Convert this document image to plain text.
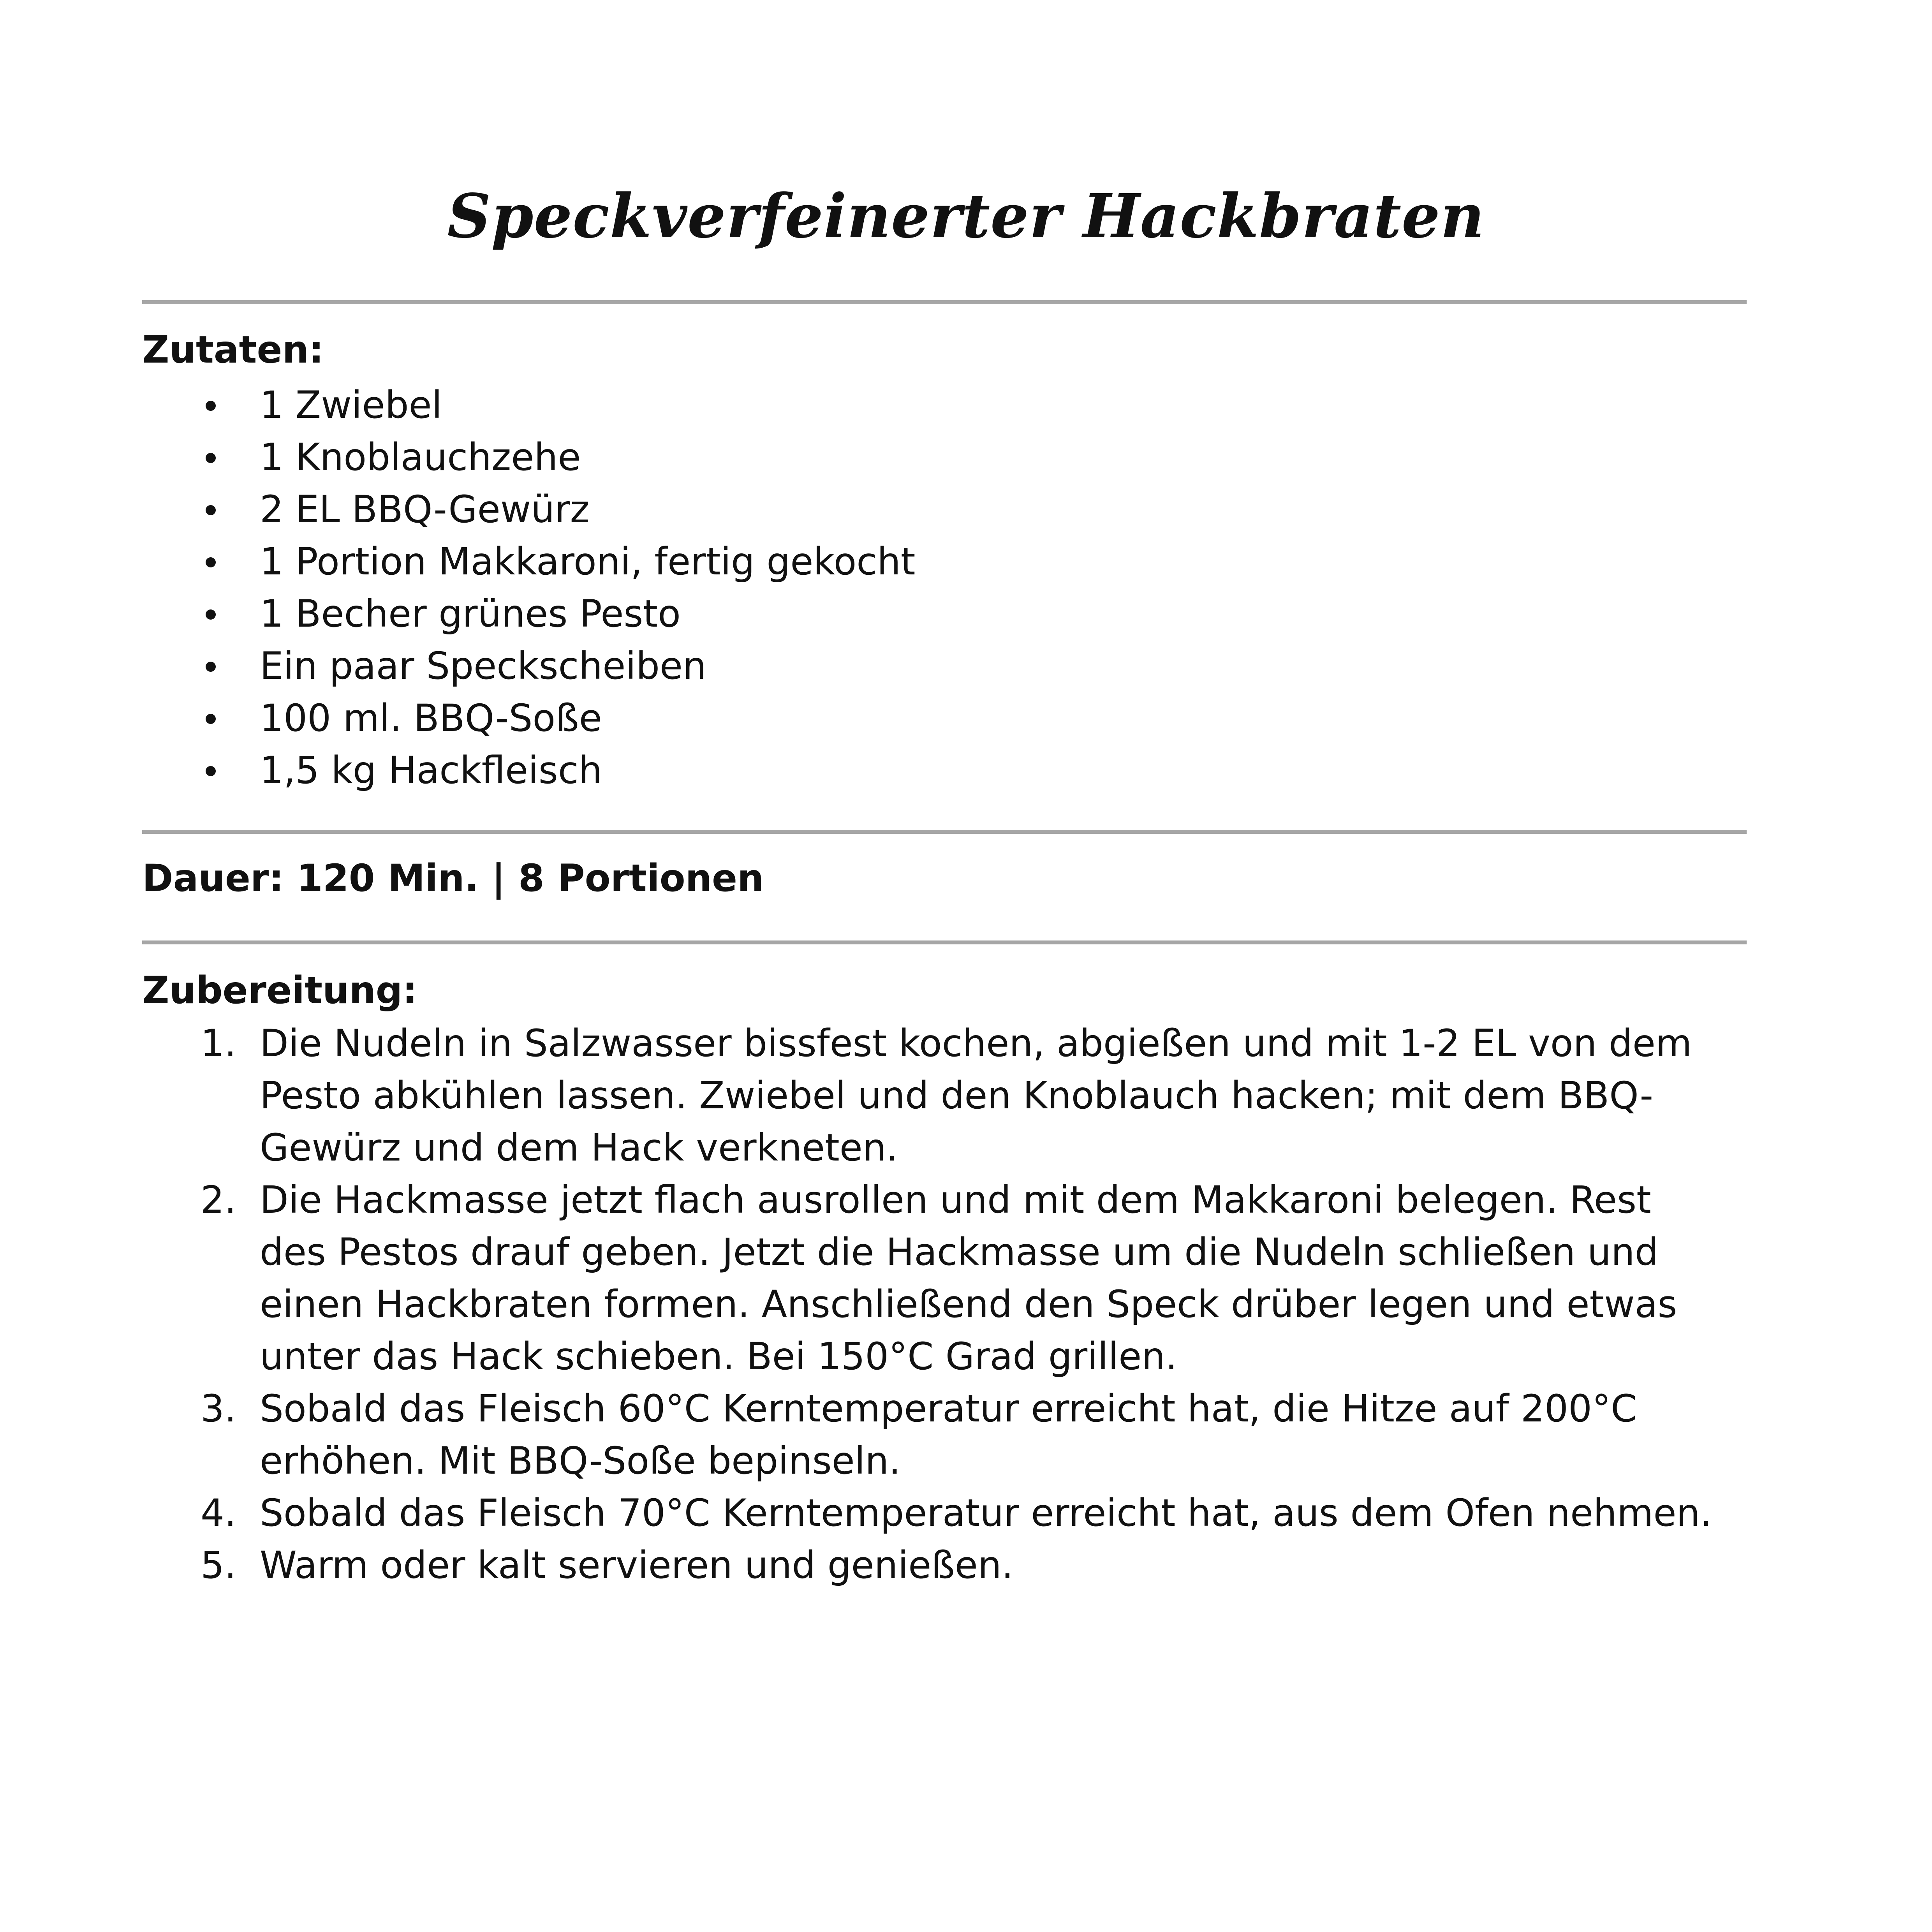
Speckverfeinerter Hackbraten
Zutaten:
1 Zwiebel
1 Knoblauchzehe
2 EL BBQ-Gewürz
1 Portion Makkaroni, fertig gekocht
1 Becher grünes Pesto
Ein paar Speckscheiben
100 ml. BBQ-Soße
1,5 kg Hackfleisch
Dauer: 120 Min. | 8 Portionen
Zubereitung:
1. Die Nudeln in Salzwasser bissfest kochen, abgießen und mit 1-2 EL von dem
Pesto abkühlen lassen. Zwiebel und den Knoblauch hacken; mit dem BBQ-
Gewürz und dem Hack verkneten.
2. Die Hackmasse jetzt flach ausrollen und mit dem Makkaroni belegen. Rest
des Pestos drauf geben. Jetzt die Hackmasse um die Nudeln schließen und
einen Hackbraten formen. Anschließend den Speck drüber legen und etwas
unter das Hack schieben. Bei 150°C Grad grillen.
3. Sobald das Fleisch 60°C Kerntemperatur erreicht hat, die Hitze auf 200°C
erhöhen. Mit BBQ-Soße bepinseln.
4. Sobald das Fleisch 70°C Kerntemperatur erreicht hat, aus dem Ofen nehmen.
5. Warm oder kalt servieren und genießen.
